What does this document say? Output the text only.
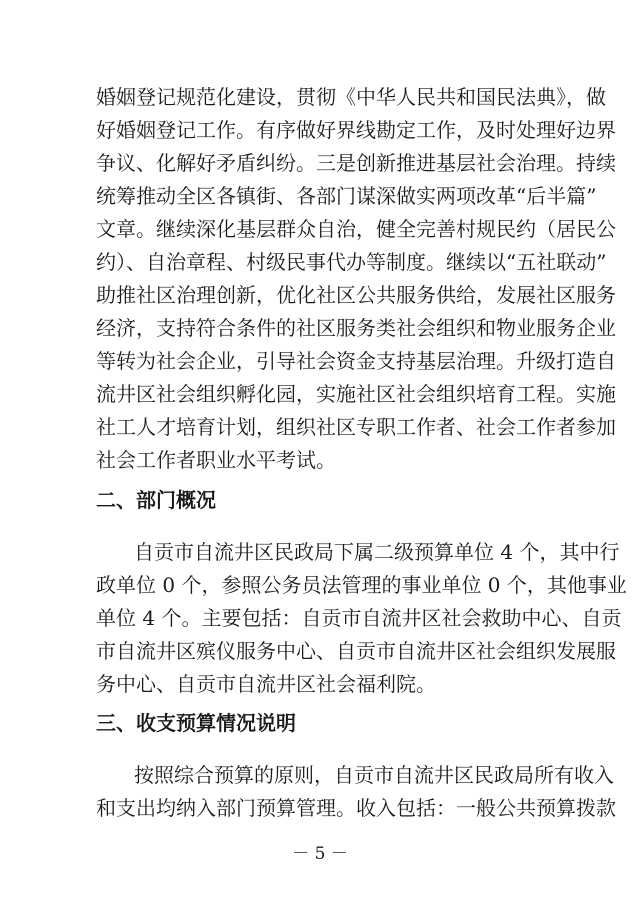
婚姻登记规范化建设，贯彻《中华人民共和国民法典》，做
好婚姻登记工作。有序做好界线勘定工作，及时处理好边界
争议、化解好矛盾纠纷。三是创新推进基层社会治理。持续
统筹推动全区各镇街、各部门谋深做实两项改革“后半篇”
文章。继续深化基层群众自治，健全完善村规民约（居民公
约）、自治章程、村级民事代办等制度。继续以“五社联动”
助推社区治理创新，优化社区公共服务供给，发展社区服务
经济，支持符合条件的社区服务类社会组织和物业服务企业
等转为社会企业，引导社会资金支持基层治理。升级打造自
流井区社会组织孵化园，实施社区社会组织培育工程。实施
社工人才培育计划，组织社区专职工作者、社会工作者参加
社会工作者职业水平考试。
二、部门概况
自贡市自流井区民政局下属二级预算单位 4 个，其中行
政单位 0 个，参照公务员法管理的事业单位 0 个，其他事业
单位 4 个。主要包括：自贡市自流井区社会救助中心、自贡
市自流井区殡仪服务中心、自贡市自流井区社会组织发展服
务中心、自贡市自流井区社会福利院。
三、收支预算情况说明
按照综合预算的原则，自贡市自流井区民政局所有收入
和支出均纳入部门预算管理。收入包括：一般公共预算拨款
－ 5 －
